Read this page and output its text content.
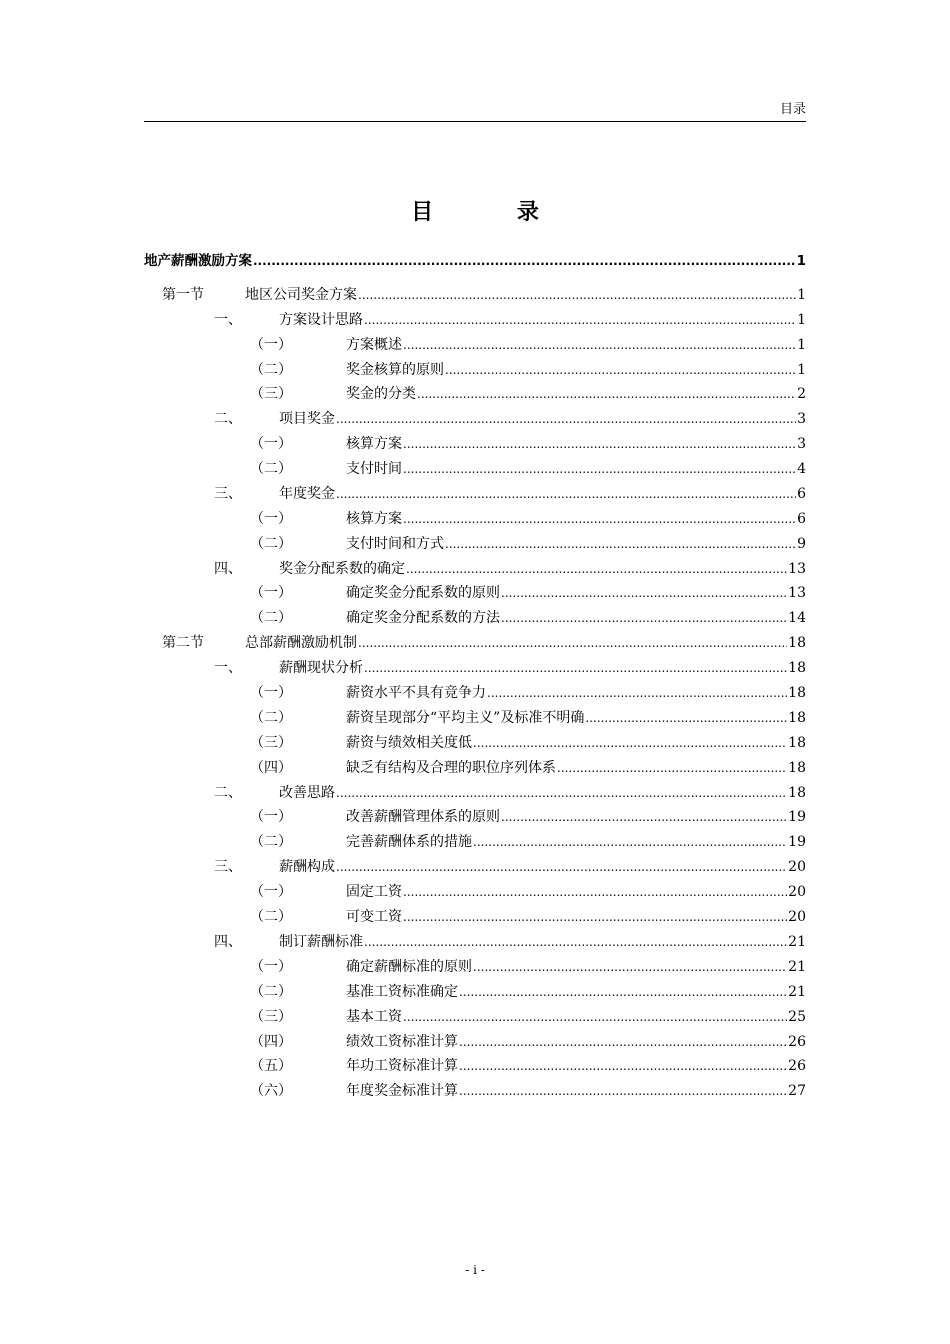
目录
目 录
地产薪酬激励方案 .....	1
第一节	地区公司奖金方案 .....	1
一、	方案设计思路 .....	1
（一）	方案概述 .....	1
（二）	奖金核算的原则 .....	1
（三）	奖金的分类 .....	2
二、	项目奖金 .....	3
（一）	核算方案 .....	3
（二）	支付时间 .....	4
三、	年度奖金 .....	6
（一）	核算方案 .....	6
（二）	支付时间和方式 .....	9
四、	奖金分配系数的确定 .....	13
（一）	确定奖金分配系数的原则 .....	13
（二）	确定奖金分配系数的方法 .....	14
第二节	总部薪酬激励机制 .....	18
一、	薪酬现状分析 .....	18
（一）	薪资水平不具有竞争力 .....	18
（二）	薪资呈现部分“平均主义”及标准不明确 .....	18
（三）	薪资与绩效相关度低 .....	18
（四）	缺乏有结构及合理的职位序列体系 .....	18
二、	改善思路 .....	18
（一）	改善薪酬管理体系的原则 .....	19
（二）	完善薪酬体系的措施 .....	19
三、	薪酬构成 .....	20
（一）	固定工资 .....	20
（二）	可变工资 .....	20
四、	制订薪酬标准 .....	21
（一）	确定薪酬标准的原则 .....	21
（二）	基准工资标准确定 .....	21
（三）	基本工资 .....	25
（四）	绩效工资标准计算 .....	26
（五）	年功工资标准计算 .....	26
（六）	年度奖金标准计算 .....	27
- i -
